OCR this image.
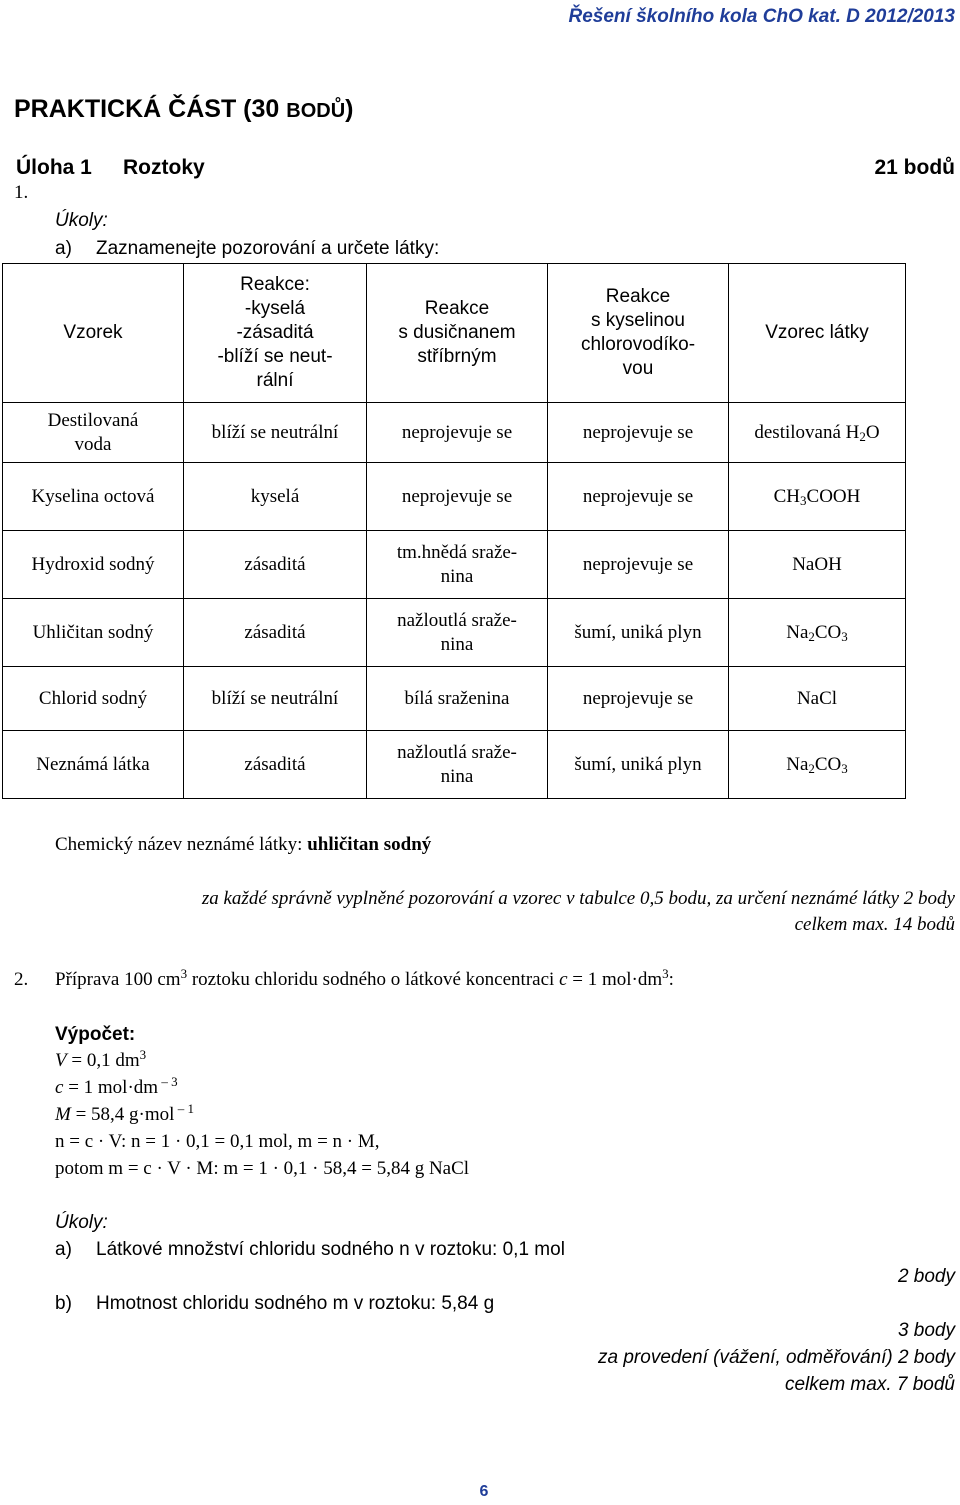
Řešení školního kola ChO kat. D 2012/2013
PRAKTICKÁ ČÁST (30 BODŮ)
Úloha 1 Roztoky	21 bodů
1.
Úkoly:
a) Zaznamenejte pozorování a určete látky:
Vzorek	Reakce:
-kyselá
-zásaditá
-blíží se neut-
rální	Reakce
s dusičnanem
stříbrným	Reakce
s kyselinou
chlorovodíko-
vou	Vzorec látky
Destilovaná
voda	blíží se neutrální	neprojevuje se	neprojevuje se	destilovaná $H_2O$
Kyselina octová	kyselá	neprojevuje se	neprojevuje se	$CH_3COOH$
Hydroxid sodný	zásaditá	tm.hnědá sraže-
nina	neprojevuje se	NaOH
Uhličitan sodný	zásaditá	nažloutlá sraže-
nina	šumí, uniká plyn	$Na_2CO_3$
Chlorid sodný	blíží se neutrální	bílá sraženina	neprojevuje se	NaCl
Neznámá látka	zásaditá	nažloutlá sraže-
nina	šumí, uniká plyn	$Na_2CO_3$
Chemický název neznámé látky: uhličitan sodný
za každé správně vyplněné pozorování a vzorec v tabulce 0,5 bodu, za určení neznámé látky 2 body
celkem max. 14 bodů
2. Příprava 100 $cm^3$ roztoku chloridu sodného o látkové koncentraci c = 1 $mol\cdot dm^3$:
Výpočet:
V = 0,1 $dm^3$
c = 1 mol·dm $^{- 3}$
M = 58,4 g·mol $^{- 1}$
n = c · V: n = 1 · 0,1 = 0,1 mol, m = n · M,
potom m = c · V · M: m = 1 · 0,1 · 58,4 = 5,84 g NaCl
Úkoly:
a) Látkové množství chloridu sodného n v roztoku: 0,1 mol
2 body
b) Hmotnost chloridu sodného m v roztoku: 5,84 g
3 body
za provedení (vážení, odměřování) 2 body
celkem max. 7 bodů
6
